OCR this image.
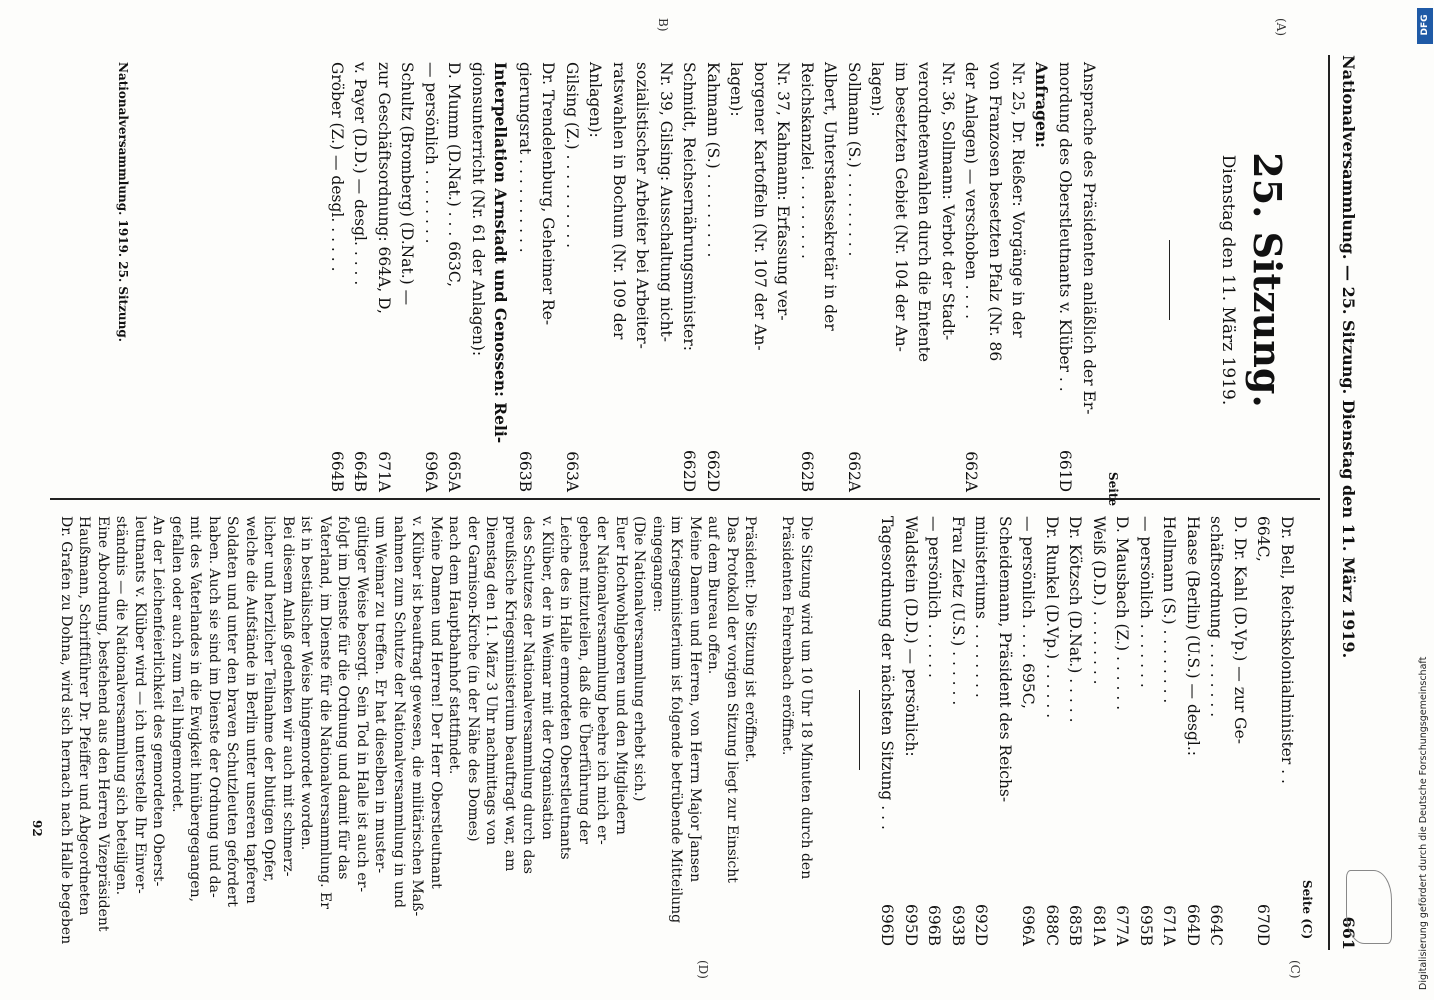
Nationalversammlung. — 25. Sitzung. Dienstag den 11. März 1919.
661
(A)
B)
(C)
(D)
25. Sitzung.
Dienstag den 11. März 1919.
Seite
Ansprache des Präsidenten anläßlich der Er-
mordung des Oberstleutnants v. Klüber . .
661D
Anfragen:
Nr. 25, Dr. Rießer: Vorgänge in der
von Franzosen besetzten Pfalz (Nr. 86
der Anlagen) — verschoben . . . .
662A
Nr. 36, Sollmann: Verbot der Stadt-
verordnetenwahlen durch die Entente
im besetzten Gebiet (Nr. 104 der An-
lagen):
Sollmann (S.) . . . . . . . . .
662A
Albert, Unterstaatssekretär in der
Reichskanzlei . . . . . . . . .
662B
Nr. 37, Kahmann: Erfassung ver-
borgener Kartoffeln (Nr. 107 der An-
lagen):
Kahmann (S.) . . . . . . . . .
662D
Schmidt, Reichsernährungsminister:
662D
Nr. 39, Gilsing: Ausschaltung nicht-
sozialistischer Arbeiter bei Arbeiter-
ratswahlen in Bochum (Nr. 109 der
Anlagen):
Gilsing (Z.) . . . . . . . . . .
663A
Dr. Trendelenburg, Geheimer Re-
gierungsrat . . . . . . . . . .
663B
Interpellation Arnstadt und Genossen: Reli-
gionsunterricht (Nr. 61 der Anlagen):
D. Mumm (D.Nat.) . . . 663C,
665A
— persönlich . . . . . . . .
696A
Schultz (Bromberg) (D.Nat.) —
zur Geschäftsordnung: 664A, D,
671A
v. Payer (D.D.) — desgl. . . . .
664B
Gröber (Z.) — desgl. . . . . .
664B
Nationalversammlung. 1919. 25. Sitzung.
Seite (C)
Dr. Bell, Reichskolonialminister . .
664C,
670D
D. Dr. Kahl (D.Vp.) — zur Ge-
schäftsordnung . . . . . . . .
664C
Haase (Berlin) (U.S.) — desgl.:
664D
Hellmann (S.) . . . . . . . .
671A
— persönlich . . . . . . .
695B
D. Mausbach (Z.) . . . . . .
677A
Weiß (D.D.) . . . . . . . .
681A
Dr. Kötzsch (D.Nat.) . . . . .
685B
Dr. Runkel (D.Vp.) . . . . . .
688C
— persönlich . . . . 695C,
696A
Scheidemann, Präsident des Reichs-
ministeriums . . . . . . . .
692D
Frau Zietz (U.S.) . . . . . .
693B
— persönlich . . . . . .
696B
Waldstein (D.D.) — persönlich:
695D
Tagesordnung der nächsten Sitzung . . .
696D
Die Sitzung wird um 10 Uhr 18 Minuten durch den
Präsidenten Fehrenbach eröffnet.
Präsident: Die Sitzung ist eröffnet.
Das Protokoll der vorigen Sitzung liegt zur Einsicht
auf dem Bureau offen.
Meine Damen und Herren, von Herrn Major Jansen
im Kriegsministerium ist folgende betrübende Mitteilung
eingegangen:
(Die Nationalversammlung erhebt sich.)
Euer Hochwohlgeboren und den Mitgliedern
der Nationalversammlung beehre ich mich er-
gebenst mitzuteilen, daß die Überführung der
Leiche des in Halle ermordeten Oberstleutnants
v. Klüber, der in Weimar mit der Organisation
des Schutzes der Nationalversammlung durch das
preußische Kriegsministerium beauftragt war, am
Dienstag den 11. März 3 Uhr nachmittags von
der Garnison-Kirche (in der Nähe des Domes)
nach dem Hauptbahnhof stattfindet.
Meine Damen und Herren! Der Herr Oberstleutnant
v. Klüber ist beauftragt gewesen, die militärischen Maß-
nahmen zum Schutze der Nationalversammlung in und
um Weimar zu treffen. Er hat dieselben in muster-
gültiger Weise besorgt. Sein Tod in Halle ist auch er-
folgt im Dienste für die Ordnung und damit für das
Vaterland, im Dienste für die Nationalversammlung. Er
ist in bestialischer Weise hingemordet worden.
Bei diesem Anlaß gedenken wir auch mit schmerz-
licher und herzlicher Teilnahme der blutigen Opfer,
welche die Aufstände in Berlin unter unseren tapferen
Soldaten und unter den braven Schutzleuten gefordert
haben. Auch sie sind im Dienste der Ordnung und da-
mit des Vaterlandes in die Ewigkeit hinübergegangen,
gefallen oder auch zum Teil hingemordet.
An der Leichenfeierlichkeit des gemordeten Oberst-
leutnants v. Klüber wird — ich unterstelle Ihr Einver-
ständnis — die Nationalversammlung sich beteiligen.
Eine Abordnung, bestehend aus den Herren Vizepräsident
Haußmann, Schriftführer Dr. Pfeiffer und Abgeordneten
Dr. Grafen zu Dohna, wird sich hernach nach Halle begeben
92
DFG
Digitalisierung gefördert durch die Deutsche Forschungsgemeinschaft
